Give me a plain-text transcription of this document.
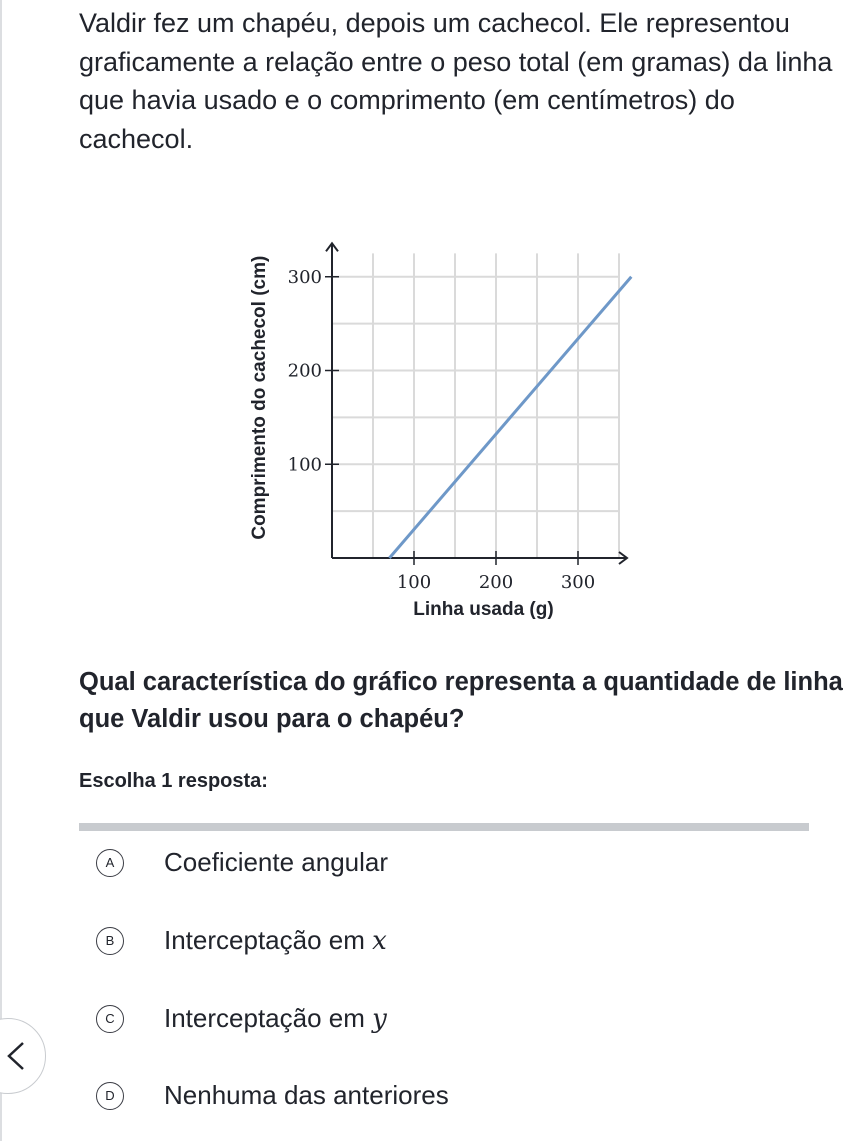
Valdir fez um chapéu, depois um cachecol. Ele representou graficamente a relação entre o peso total (em gramas) da linha que havia usado e o comprimento (em centímetros) do cachecol.

100	200	300
100
200
300
Linha usada (g)
Comprimento do cachecol (cm)

Qual característica do gráfico representa a quantidade de linha que Valdir usou para o chapéu?

Escolha 1 resposta:
A	Coeficiente angular
B	Interceptação em x
C	Interceptação em y
D	Nenhuma das anteriores
